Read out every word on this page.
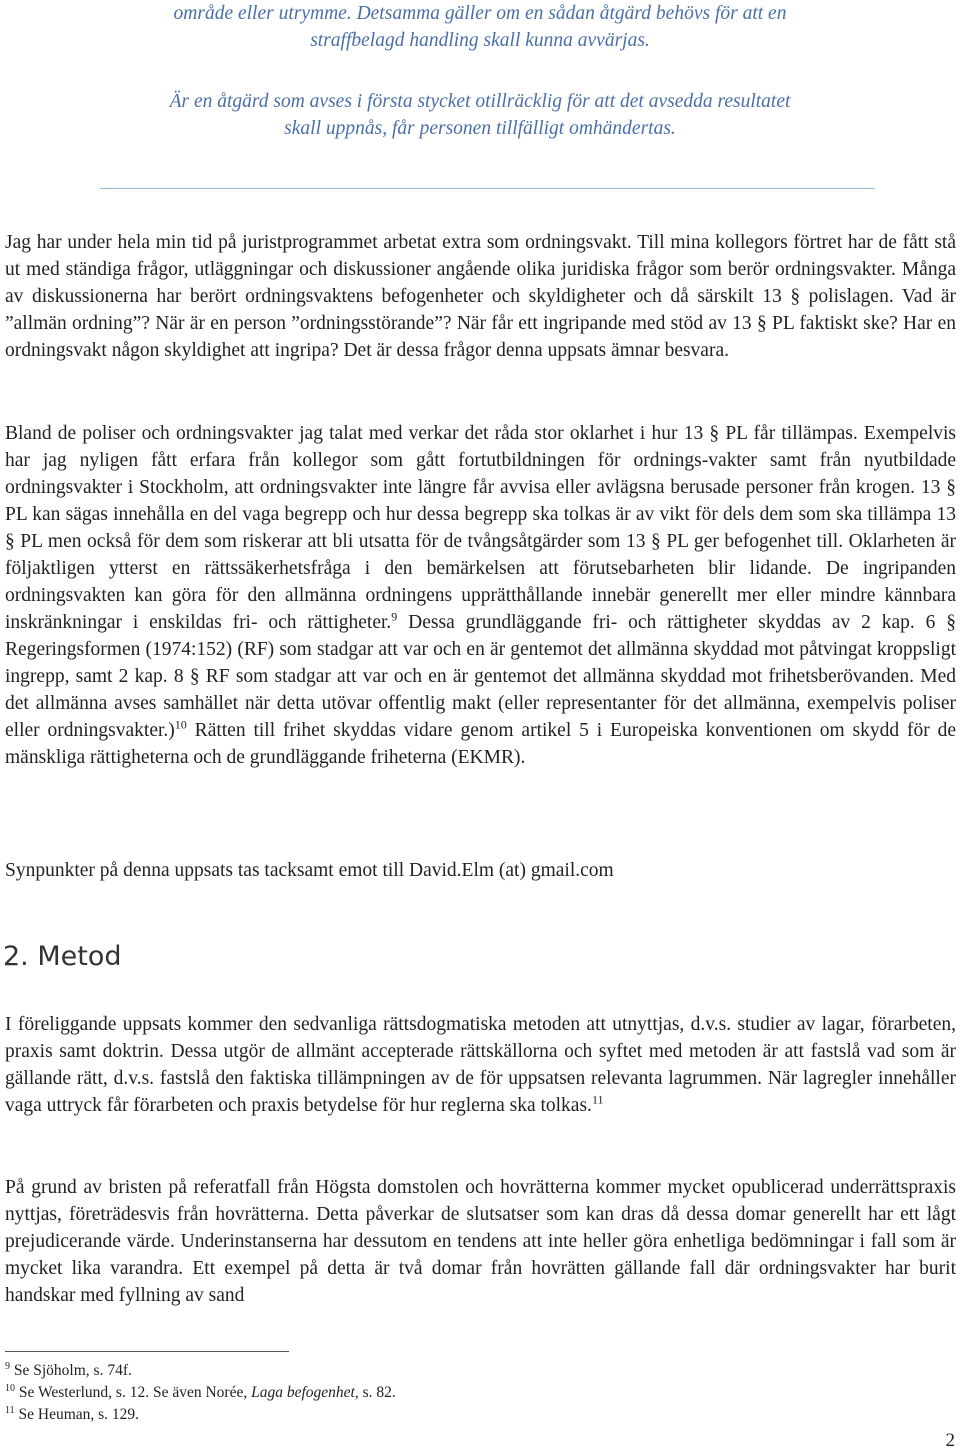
område eller utrymme. Detsamma gäller om en sådan åtgärd behövs för att en
straffbelagd handling skall kunna avvärjas.
Är en åtgärd som avses i första stycket otillräcklig för att det avsedda resultatet
skall uppnås, får personen tillfälligt omhändertas.

Jag har under hela min tid på juristprogrammet arbetat extra som ordningsvakt. Till mina kollegors förtret har de fått stå ut med ständiga frågor, utläggningar och diskussioner angående olika juridiska frågor som berör ordningsvakter. Många av diskussionerna har berört ordningsvaktens befogenheter och skyldigheter och då särskilt 13 § polislagen. Vad är ”allmän ordning”? När är en person ”ordningsstörande”? När får ett ingripande med stöd av 13 § PL faktiskt ske? Har en ordningsvakt någon skyldighet att ingripa? Det är dessa frågor denna uppsats ämnar besvara.

Bland de poliser och ordningsvakter jag talat med verkar det råda stor oklarhet i hur 13 § PL får tillämpas. Exempelvis har jag nyligen fått erfara från kollegor som gått fortutbildningen för ordnings-vakter samt från nyutbildade ordningsvakter i Stockholm, att ordningsvakter inte längre får avvisa eller avlägsna berusade personer från krogen. 13 § PL kan sägas innehålla en del vaga begrepp och hur dessa begrepp ska tolkas är av vikt för dels dem som ska tillämpa 13 § PL men också för dem som riskerar att bli utsatta för de tvångsåtgärder som 13 § PL ger befogenhet till. Oklarheten är följaktligen ytterst en rättssäkerhetsfråga i den bemärkelsen att förutsebarheten blir lidande. De ingripanden ordningsvakten kan göra för den allmänna ordningens upprätthållande innebär generellt mer eller mindre kännbara inskränkningar i enskildas fri- och rättigheter.$^9$ Dessa grundläggande fri- och rättigheter skyddas av 2 kap. 6 § Regeringsformen (1974:152) (RF) som stadgar att var och en är gentemot det allmänna skyddad mot påtvingat kroppsligt ingrepp, samt 2 kap. 8 § RF som stadgar att var och en är gentemot det allmänna skyddad mot frihetsberövanden. Med det allmänna avses samhället när detta utövar offentlig makt (eller representanter för det allmänna, exempelvis poliser eller ordningsvakter.)$^{10}$ Rätten till frihet skyddas vidare genom artikel 5 i Europeiska konventionen om skydd för de mänskliga rättigheterna och de grundläggande friheterna (EKMR).

Synpunkter på denna uppsats tas tacksamt emot till David.Elm (at) gmail.com

2. Metod

I föreliggande uppsats kommer den sedvanliga rättsdogmatiska metoden att utnyttjas, d.v.s. studier av lagar, förarbeten, praxis samt doktrin. Dessa utgör de allmänt accepterade rättskällorna och syftet med metoden är att fastslå vad som är gällande rätt, d.v.s. fastslå den faktiska tillämpningen av de för uppsatsen relevanta lagrummen. När lagregler innehåller vaga uttryck får förarbeten och praxis betydelse för hur reglerna ska tolkas.$^{11}$

På grund av bristen på referatfall från Högsta domstolen och hovrätterna kommer mycket opublicerad underrättspraxis nyttjas, företrädesvis från hovrätterna. Detta påverkar de slutsatser som kan dras då dessa domar generellt har ett lågt prejudicerande värde. Underinstanserna har dessutom en tendens att inte heller göra enhetliga bedömningar i fall som är mycket lika varandra. Ett exempel på detta är två domar från hovrätten gällande fall där ordningsvakter har burit handskar med fyllning av sand

$^9$ Se Sjöholm, s. 74f.
$^{10}$ Se Westerlund, s. 12. Se även Norée, Laga befogenhet, s. 82.
$^{11}$ Se Heuman, s. 129.
2
